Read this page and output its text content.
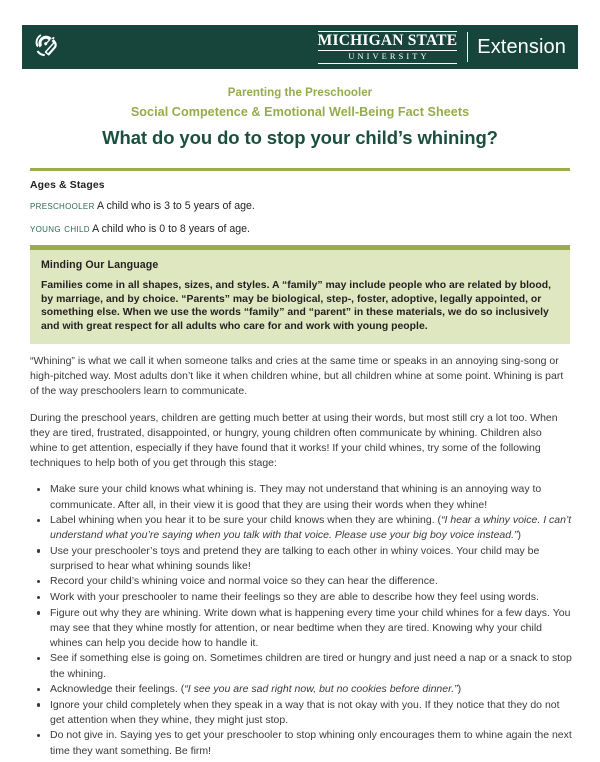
MICHIGAN STATE
UNIVERSITY	Extension
Parenting the Preschooler
Social Competence & Emotional Well-Being Fact Sheets
What do you do to stop your child’s whining?
Ages & Stages
preschooler A child who is 3 to 5 years of age.
young child A child who is 0 to 8 years of age.
Minding Our Language
Families come in all shapes, sizes, and styles. A “family” may include people who are related by blood, by marriage, and by choice. “Parents” may be biological, step-, foster, adoptive, legally appointed, or something else. When we use the words “family” and “parent” in these materials, we do so inclusively and with great respect for all adults who care for and work with young people.
“Whining” is what we call it when someone talks and cries at the same time or speaks in an annoying sing-song or high-pitched way. Most adults don’t like it when children whine, but all children whine at some point. Whining is part of the way preschoolers learn to communicate.
During the preschool years, children are getting much better at using their words, but most still cry a lot too. When they are tired, frustrated, disappointed, or hungry, young children often communicate by whining. Children also whine to get attention, especially if they have found that it works! If your child whines, try some of the following techniques to help both of you get through this stage:
Make sure your child knows what whining is. They may not understand that whining is an annoying way to communicate. After all, in their view it is good that they are using their words when they whine!
Label whining when you hear it to be sure your child knows when they are whining. (“I hear a whiny voice. I can’t understand what you’re saying when you talk with that voice. Please use your big boy voice instead.”)
Use your preschooler’s toys and pretend they are talking to each other in whiny voices. Your child may be surprised to hear what whining sounds like!
Record your child’s whining voice and normal voice so they can hear the difference.
Work with your preschooler to name their feelings so they are able to describe how they feel using words.
Figure out why they are whining. Write down what is happening every time your child whines for a few days. You may see that they whine mostly for attention, or near bedtime when they are tired. Knowing why your child whines can help you decide how to handle it.
See if something else is going on. Sometimes children are tired or hungry and just need a nap or a snack to stop the whining.
Acknowledge their feelings. (“I see you are sad right now, but no cookies before dinner.”)
Ignore your child completely when they speak in a way that is not okay with you. If they notice that they do not get attention when they whine, they might just stop.
Do not give in. Saying yes to get your preschooler to stop whining only encourages them to whine again the next time they want something. Be firm!
